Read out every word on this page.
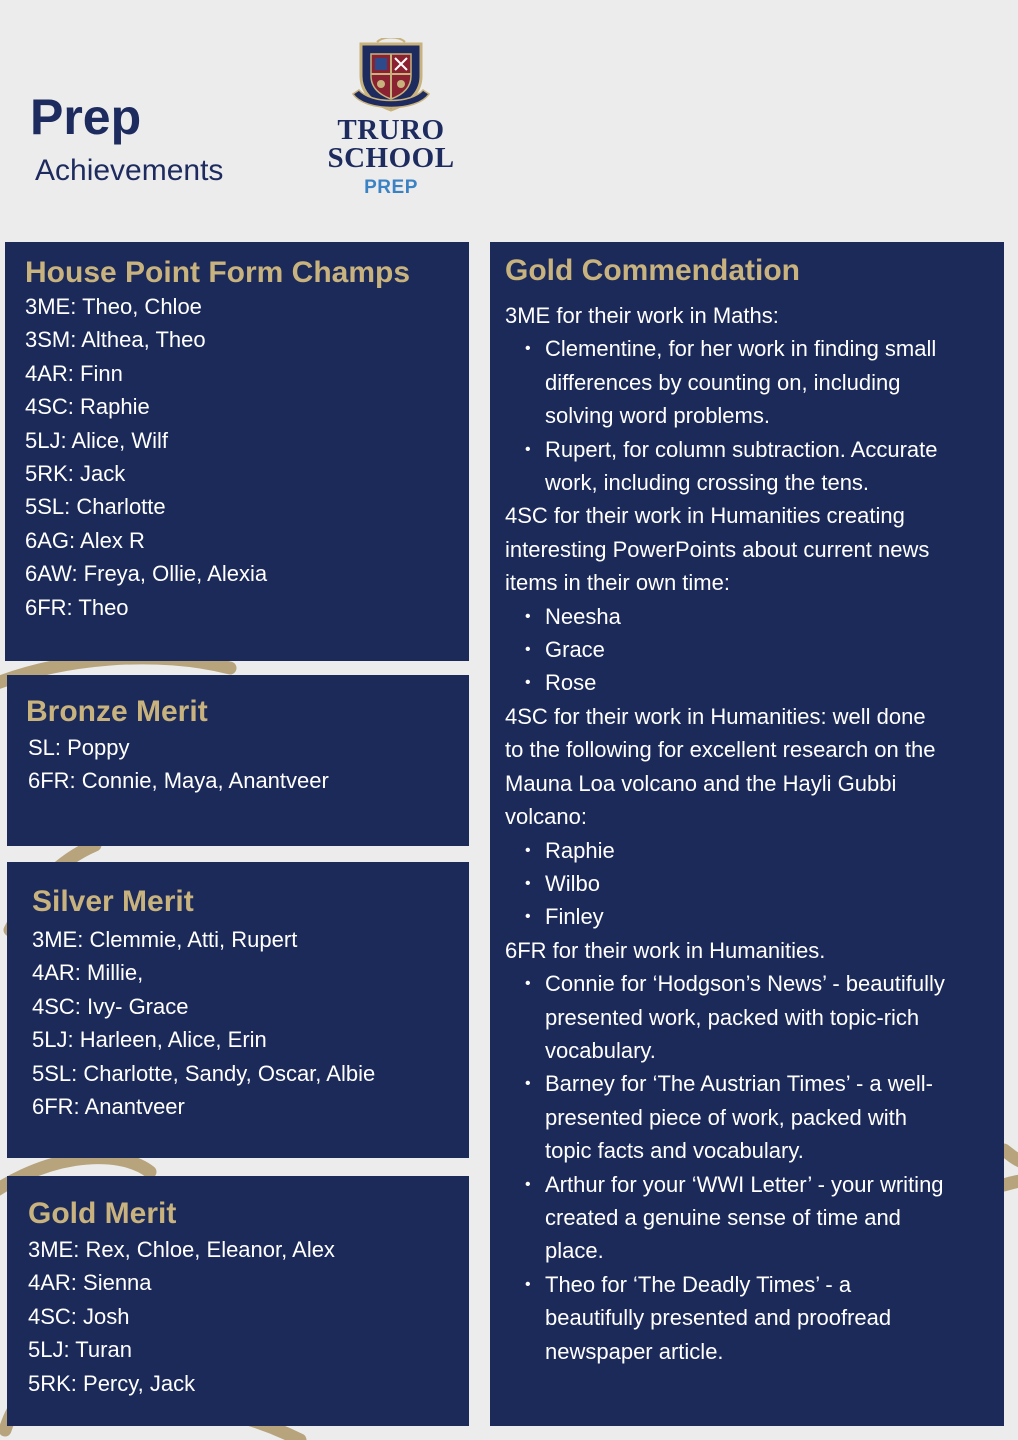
Prep
Achievements
TRURO
SCHOOL
PREP
House Point Form Champs
3ME: Theo, Chloe
3SM: Althea, Theo
4AR: Finn
4SC: Raphie
5LJ: Alice, Wilf
5RK: Jack
5SL: Charlotte
6AG: Alex R
6AW: Freya, Ollie, Alexia
6FR: Theo
Bronze Merit
SL: Poppy
6FR: Connie, Maya, Anantveer
Silver Merit
3ME: Clemmie, Atti, Rupert
4AR: Millie,
4SC: Ivy- Grace
5LJ: Harleen, Alice, Erin
5SL: Charlotte, Sandy, Oscar, Albie
6FR: Anantveer
Gold Merit
3ME: Rex, Chloe, Eleanor, Alex
4AR: Sienna
4SC: Josh
5LJ: Turan
5RK: Percy, Jack
Gold Commendation
3ME for their work in Maths:
• Clementine, for her work in finding small
differences by counting on, including
solving word problems.
• Rupert, for column subtraction. Accurate
work, including crossing the tens.
4SC for their work in Humanities creating
interesting PowerPoints about current news
items in their own time:
• Neesha
• Grace
• Rose
4SC for their work in Humanities: well done
to the following for excellent research on the
Mauna Loa volcano and the Hayli Gubbi
volcano:
• Raphie
• Wilbo
• Finley
6FR for their work in Humanities.
• Connie for ‘Hodgson’s News’ - beautifully
presented work, packed with topic-rich
vocabulary.
• Barney for ‘The Austrian Times’ - a well-
presented piece of work, packed with
topic facts and vocabulary.
• Arthur for your ‘WWI Letter’ - your writing
created a genuine sense of time and
place.
• Theo for ‘The Deadly Times’ - a
beautifully presented and proofread
newspaper article.
